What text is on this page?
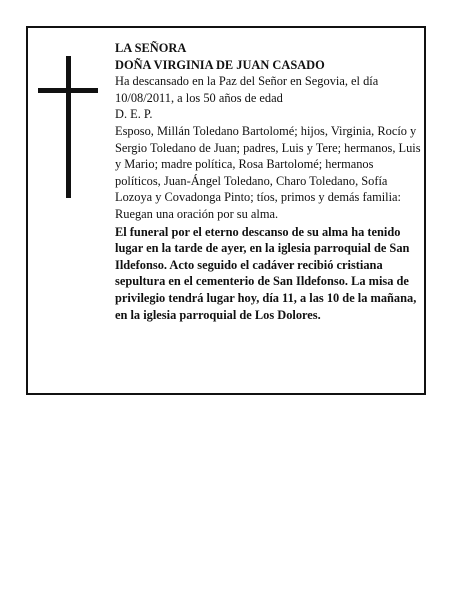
LA SEÑORA

DOÑA VIRGINIA DE JUAN CASADO

Ha descansado en la Paz del Señor en Segovia, el día 10/08/2011, a los 50 años de edad

D. E. P.

Esposo, Millán Toledano Bartolomé; hijos, Virginia, Rocío y Sergio Toledano de Juan; padres, Luis y Tere; hermanos, Luis y Mario; madre política, Rosa Bartolomé; hermanos políticos, Juan-Ángel Toledano, Charo Toledano, Sofía Lozoya y Covadonga Pinto; tíos, primos y demás familia:

Ruegan una oración por su alma.

El funeral por el eterno descanso de su alma ha tenido lugar en la tarde de ayer, en la iglesia parroquial de San Ildefonso. Acto seguido el cadáver recibió cristiana sepultura en el cementerio de San Ildefonso. La misa de privilegio tendrá lugar hoy, día 11, a las 10 de la mañana, en la iglesia parroquial de Los Dolores.
